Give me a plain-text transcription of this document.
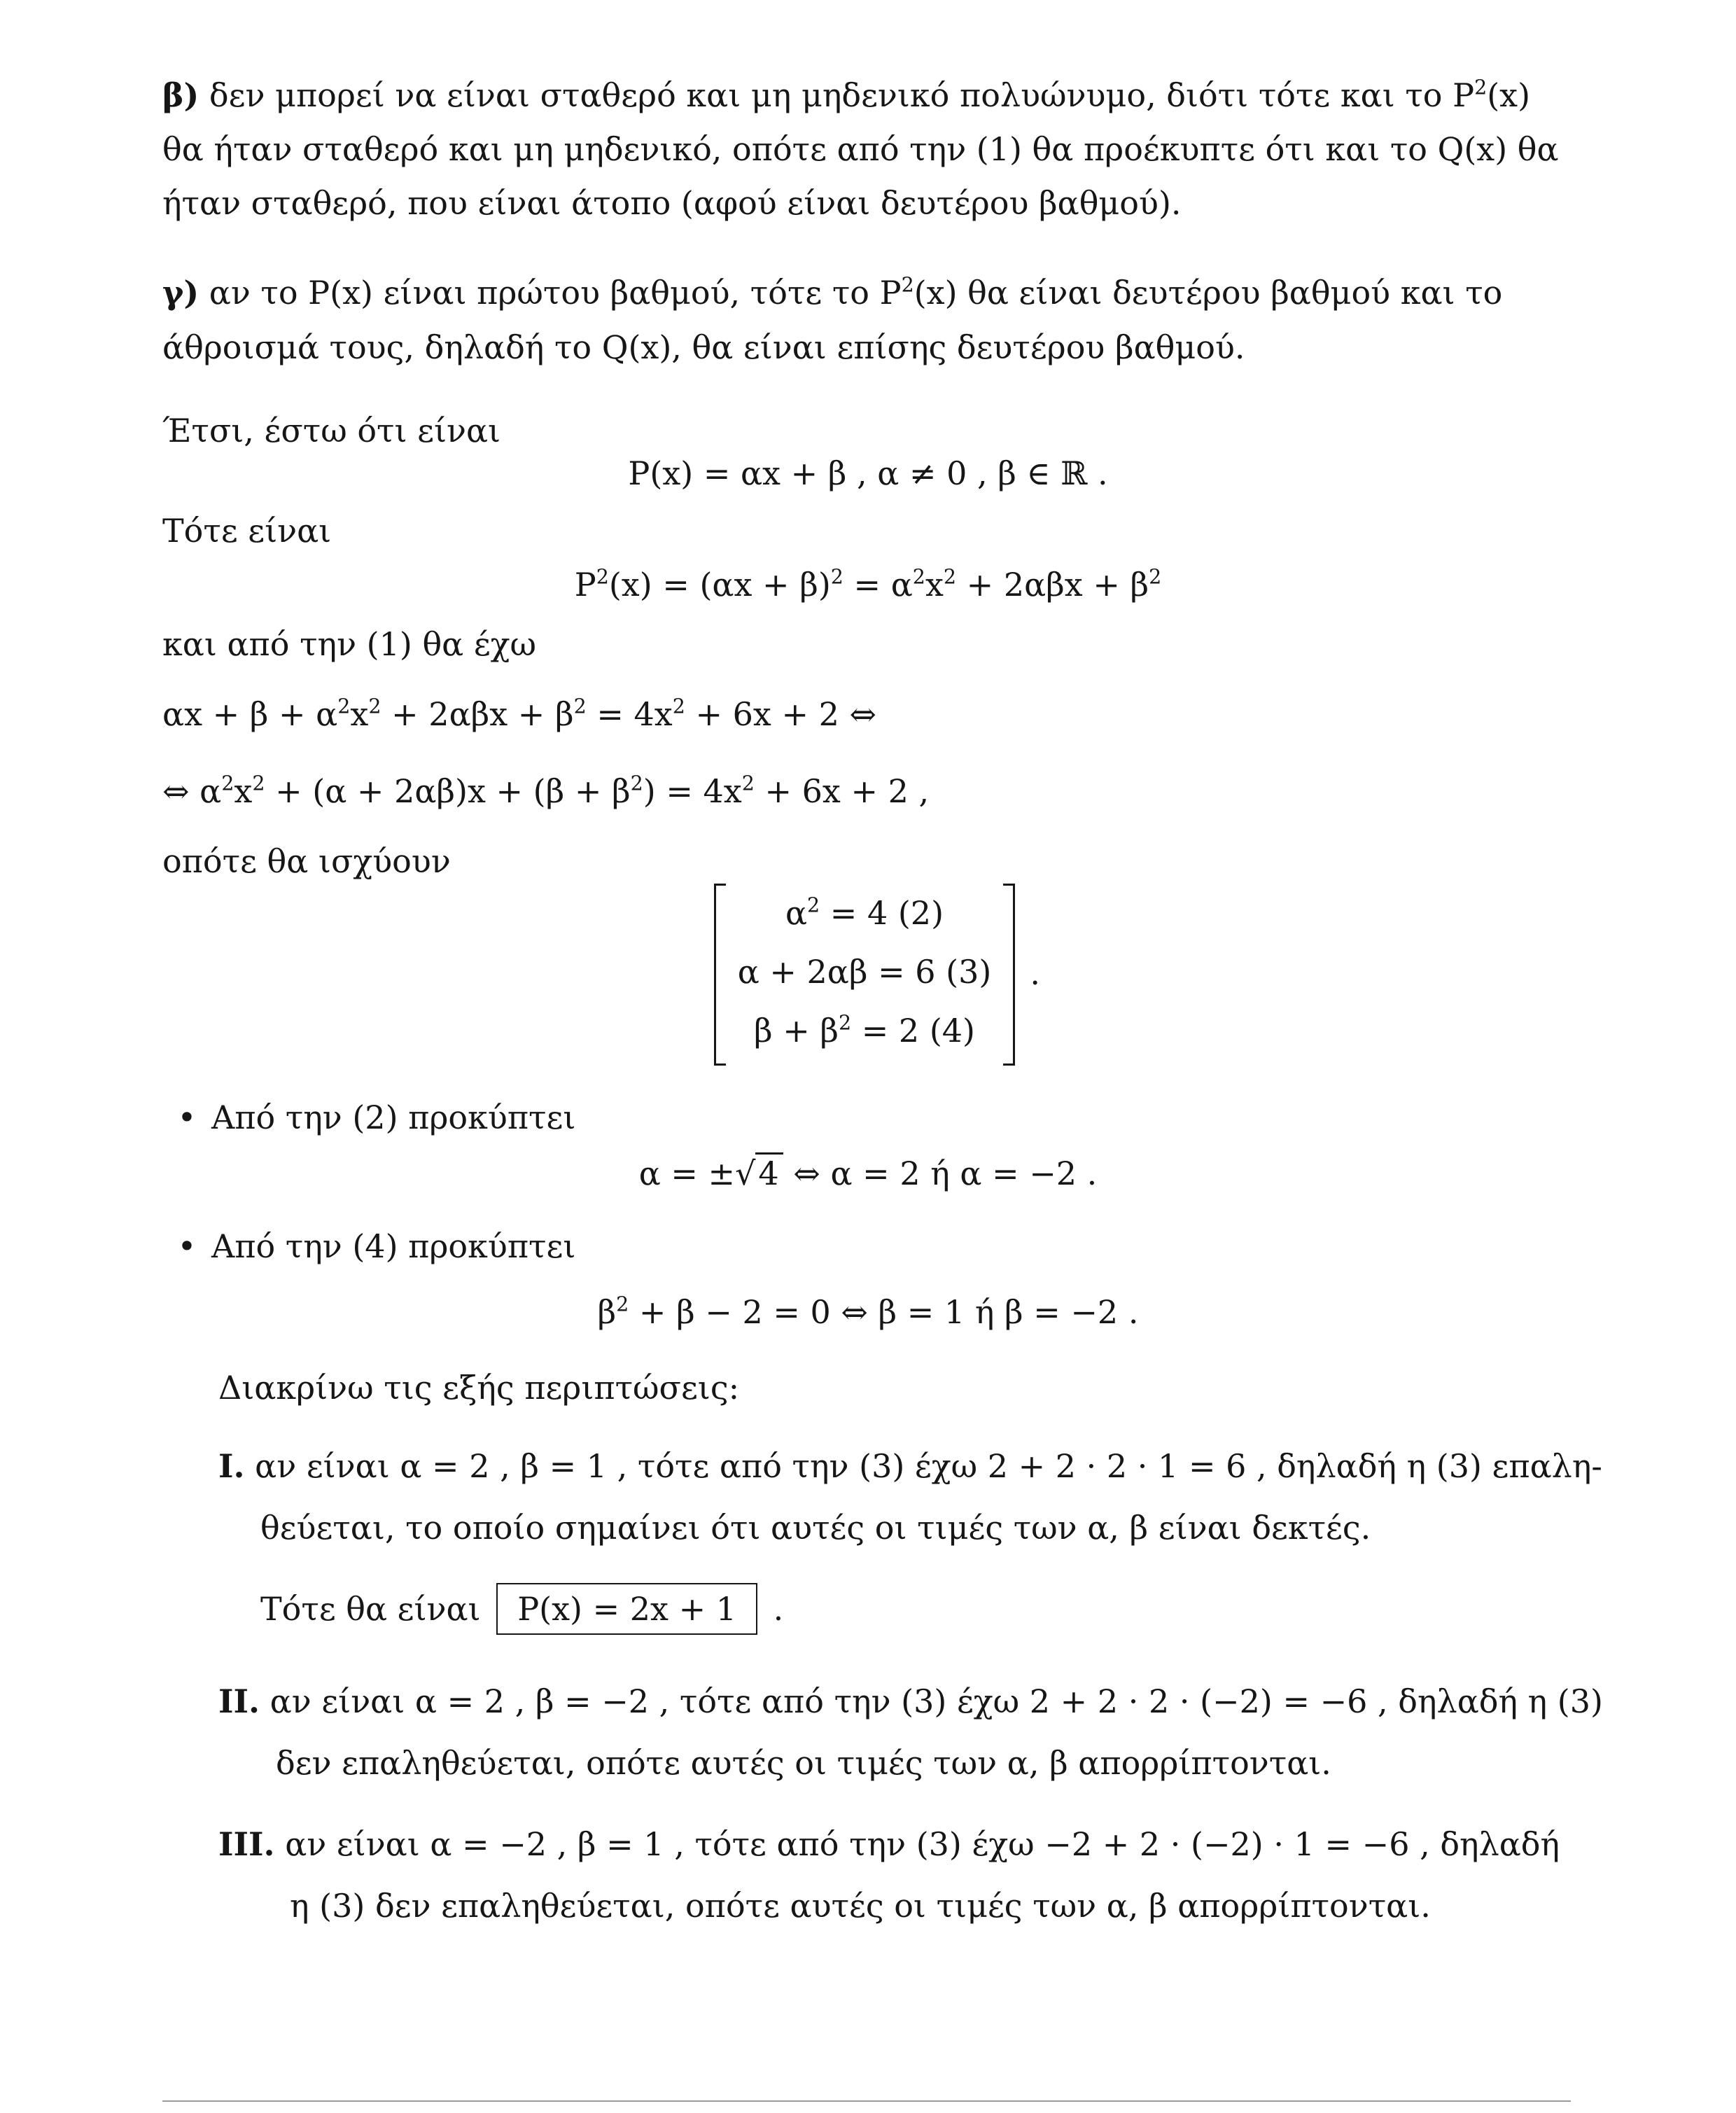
β) δεν μπορεί να είναι σταθερό και μη μηδενικό πολυώνυμο, διότι τότε και το $P^2(x)$
θα ήταν σταθερό και μη μηδενικό, οπότε από την (1) θα προέκυπτε ότι και το Q(x) θα
ήταν σταθερό, που είναι άτοπο (αφού είναι δευτέρου βαθμού).
γ) αν το P(x) είναι πρώτου βαθμού, τότε το $P^2(x)$ θα είναι δευτέρου βαθμού και το
άθροισμά τους, δηλαδή το Q(x), θα είναι επίσης δευτέρου βαθμού.
Έτσι, έστω ότι είναι
P(x) = αx + β , α ≠ 0 , β ∈ ℝ .
Τότε είναι
$P^2(x) = (\alpha x + \beta)^2 = \alpha^2x^2 + 2\alpha\beta x + \beta^2$
και από την (1) θα έχω
$\alpha x + \beta + \alpha^2x^2 + 2\alpha\beta x + \beta^2 = 4x^2 + 6x + 2$ ⇔
⇔ $\alpha^2x^2 + (\alpha + 2\alpha\beta)x + (\beta + \beta^2) = 4x^2 + 6x + 2$ ,
οπότε θα ισχύουν
$\alpha^2 = 4$ (2)
α + 2αβ = 6 (3)
$\beta + \beta^2 = 2$ (4)
.
• Από την (2) προκύπτει
α = ±√4 ⇔ α = 2 ή α = −2 .
• Από την (4) προκύπτει
$\beta^2 + \beta - 2 = 0$ ⇔ β = 1 ή β = −2 .
Διακρίνω τις εξής περιπτώσεις:
I. αν είναι α = 2 , β = 1 , τότε από την (3) έχω 2 + 2 · 2 · 1 = 6 , δηλαδή η (3) επαλη-
θεύεται, το οποίο σημαίνει ότι αυτές οι τιμές των α, β είναι δεκτές.
Τότε θα είναι P(x) = 2x + 1 .
II. αν είναι α = 2 , β = −2 , τότε από την (3) έχω 2 + 2 · 2 · (−2) = −6 , δηλαδή η (3)
δεν επαληθεύεται, οπότε αυτές οι τιμές των α, β απορρίπτονται.
III. αν είναι α = −2 , β = 1 , τότε από την (3) έχω −2 + 2 · (−2) · 1 = −6 , δηλαδή
η (3) δεν επαληθεύεται, οπότε αυτές οι τιμές των α, β απορρίπτονται.
